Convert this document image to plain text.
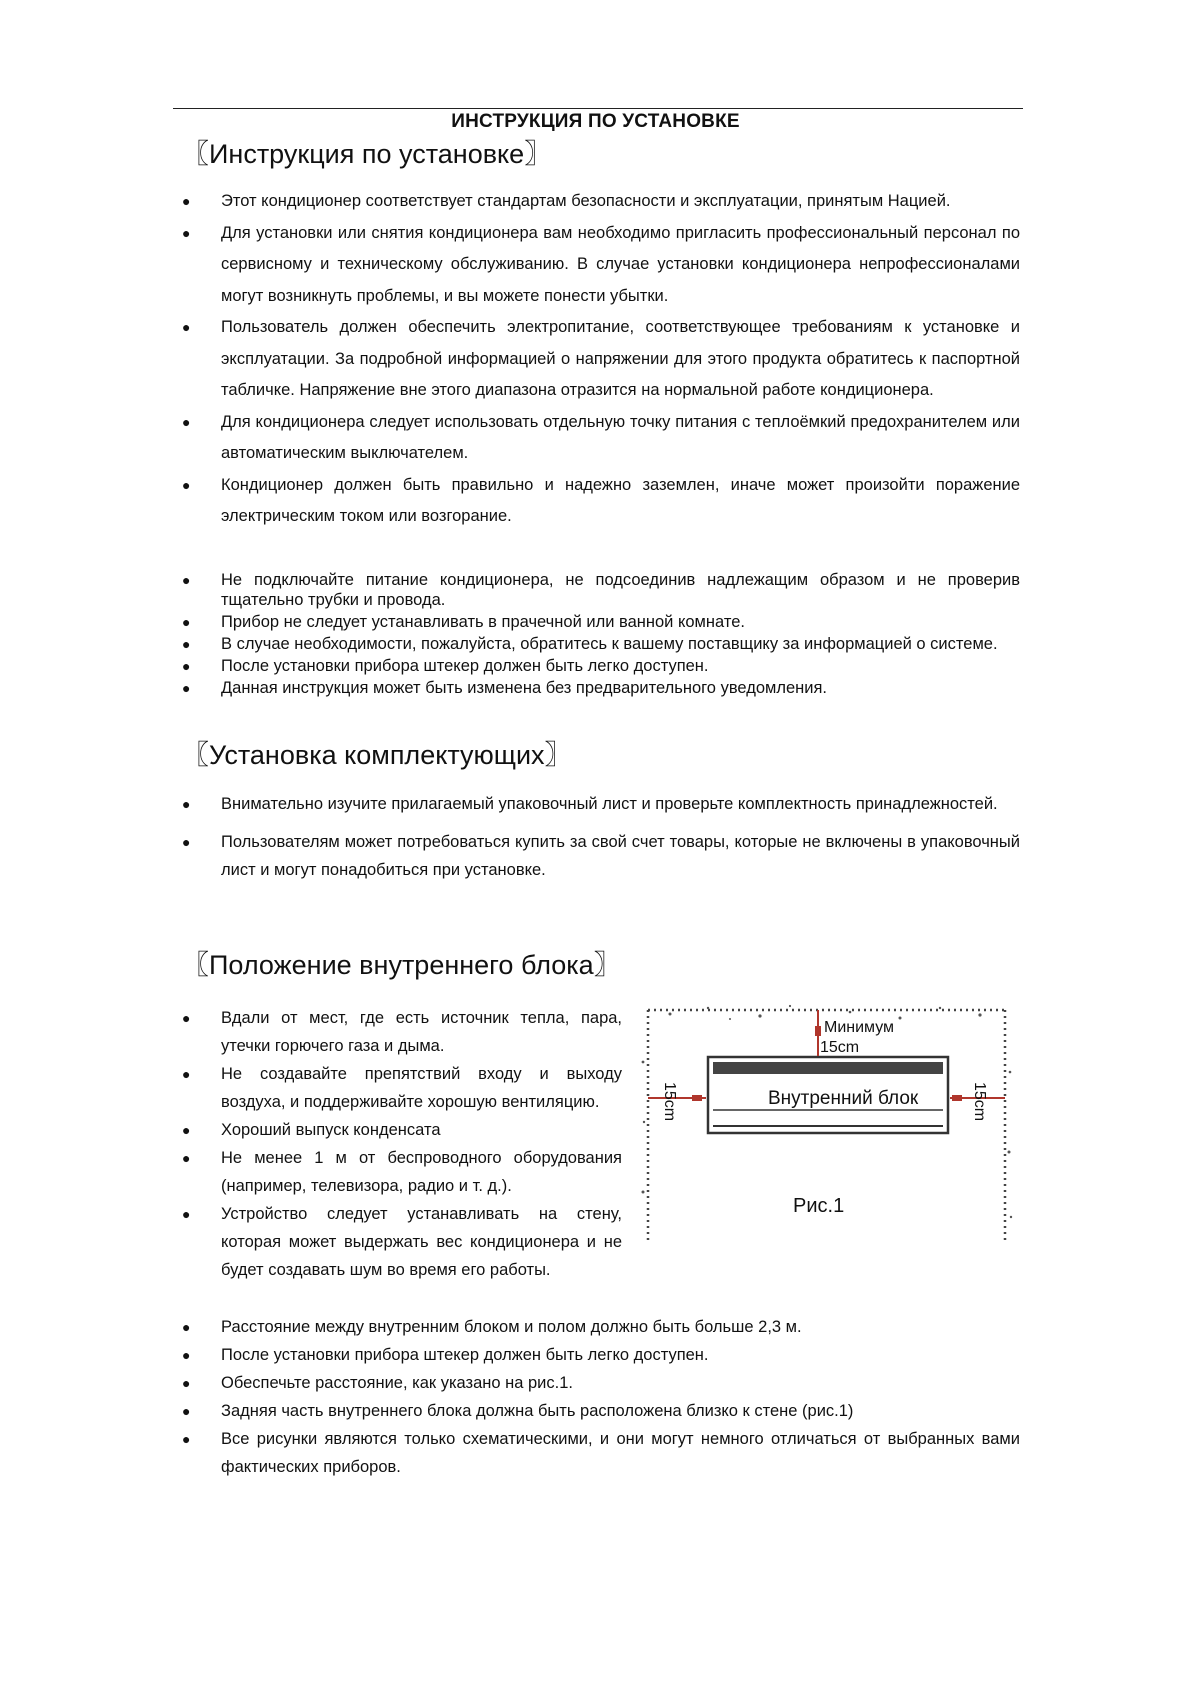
ИНСТРУКЦИЯ ПО УСТАНОВКЕ
〖Инструкция по установке〗
● Этот кондиционер соответствует стандартам безопасности и эксплуатации, принятым Нацией.
● Для установки или снятия кондиционера вам необходимо пригласить профессиональный персонал по сервисному и техническому обслуживанию. В случае установки кондиционера непрофессионалами могут возникнуть проблемы, и вы можете понести убытки.
● Пользователь должен обеспечить электропитание, соответствующее требованиям к установке и эксплуатации. За подробной информацией о напряжении для этого продукта обратитесь к паспортной табличке. Напряжение вне этого диапазона отразится на нормальной работе кондиционера.
● Для кондиционера следует использовать отдельную точку питания с теплоёмкий предохранителем или автоматическим выключателем.
● Кондиционер должен быть правильно и надежно заземлен, иначе может произойти поражение электрическим током или возгорание.
● Не подключайте питание кондиционера, не подсоединив надлежащим образом и не проверив тщательно трубки и провода.
● Прибор не следует устанавливать в прачечной или ванной комнате.
● В случае необходимости, пожалуйста, обратитесь к вашему поставщику за информацией о системе.
● После установки прибора штекер должен быть легко доступен.
● Данная инструкция может быть изменена без предварительного уведомления.
〖Установка комплектующих〗
● Внимательно изучите прилагаемый упаковочный лист и проверьте комплектность принадлежностей.
● Пользователям может потребоваться купить за свой счет товары, которые не включены в упаковочный лист и могут понадобиться при установке.
〖Положение внутреннего блока〗
● Вдали от мест, где есть источник тепла, пара, утечки горючего газа и дыма.
● Не создавайте препятствий входу и выходу воздуха, и поддерживайте хорошую вентиляцию.
● Хороший выпуск конденсата
● Не менее 1 м от беспроводного оборудования (например, телевизора, радио и т. д.).
● Устройство следует устанавливать на стену, которая может выдержать вес кондиционера и не будет создавать шум во время его работы.
● Расстояние между внутренним блоком и полом должно быть больше 2,3 м.
● После установки прибора штекер должен быть легко доступен.
● Обеспечьте расстояние, как указано на рис.1.
● Задняя часть внутреннего блока должна быть расположена близко к стене (рис.1)
● Все рисунки являются только схематическими, и они могут немного отличаться от выбранных вами фактических приборов.
Минимум
15cm
Внутренний блок
15cm	15cm
Рис.1
